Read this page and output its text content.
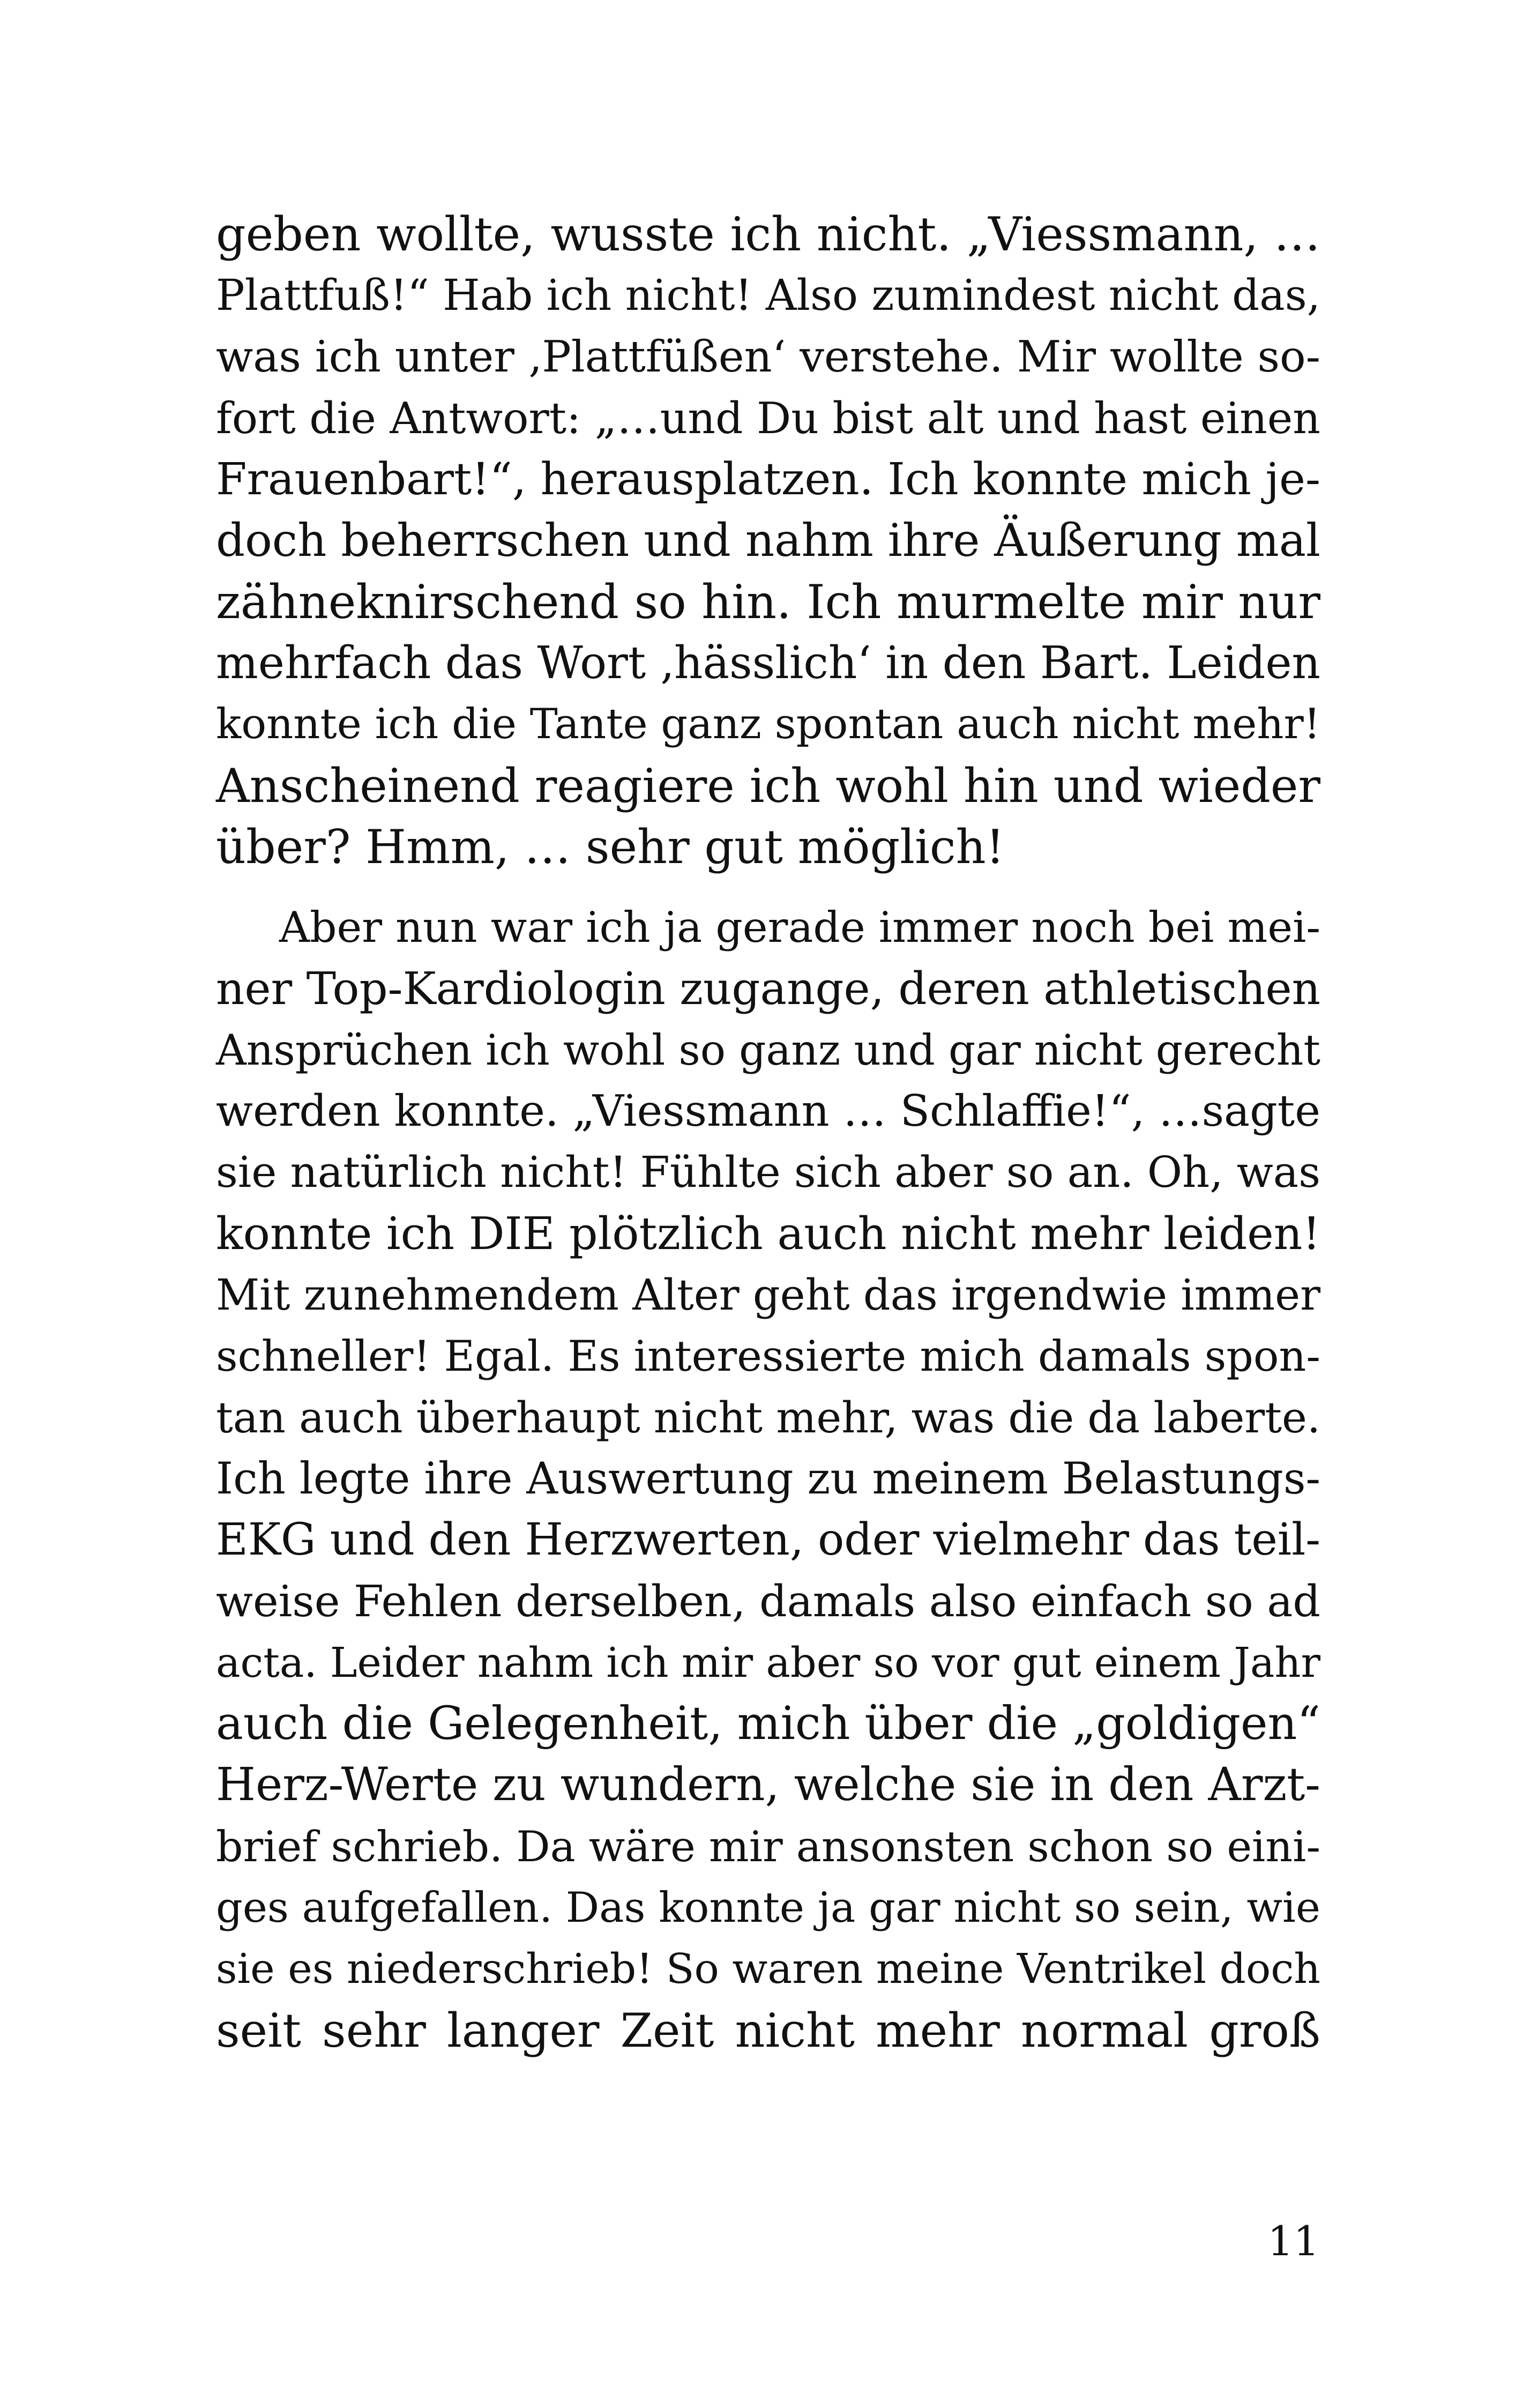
geben wollte, wusste ich nicht. „Viessmann, …
Plattfuß!“ Hab ich nicht! Also zumindest nicht das,
was ich unter ‚Plattfüßen‘ verstehe. Mir wollte so-
fort die Antwort: „…und Du bist alt und hast einen
Frauenbart!“, herausplatzen. Ich konnte mich je-
doch beherrschen und nahm ihre Äußerung mal
zähneknirschend so hin. Ich murmelte mir nur
mehrfach das Wort ‚hässlich‘ in den Bart. Leiden
konnte ich die Tante ganz spontan auch nicht mehr!
Anscheinend reagiere ich wohl hin und wieder
über? Hmm, … sehr gut möglich!
Aber nun war ich ja gerade immer noch bei mei-
ner Top-Kardiologin zugange, deren athletischen
Ansprüchen ich wohl so ganz und gar nicht gerecht
werden konnte. „Viessmann … Schlaffie!“, …sagte
sie natürlich nicht! Fühlte sich aber so an. Oh, was
konnte ich DIE plötzlich auch nicht mehr leiden!
Mit zunehmendem Alter geht das irgendwie immer
schneller! Egal. Es interessierte mich damals spon-
tan auch überhaupt nicht mehr, was die da laberte.
Ich legte ihre Auswertung zu meinem Belastungs-
EKG und den Herzwerten, oder vielmehr das teil-
weise Fehlen derselben, damals also einfach so ad
acta. Leider nahm ich mir aber so vor gut einem Jahr
auch die Gelegenheit, mich über die „goldigen“
Herz-Werte zu wundern, welche sie in den Arzt-
brief schrieb. Da wäre mir ansonsten schon so eini-
ges aufgefallen. Das konnte ja gar nicht so sein, wie
sie es niederschrieb! So waren meine Ventrikel doch
seit sehr langer Zeit nicht mehr normal groß
11
